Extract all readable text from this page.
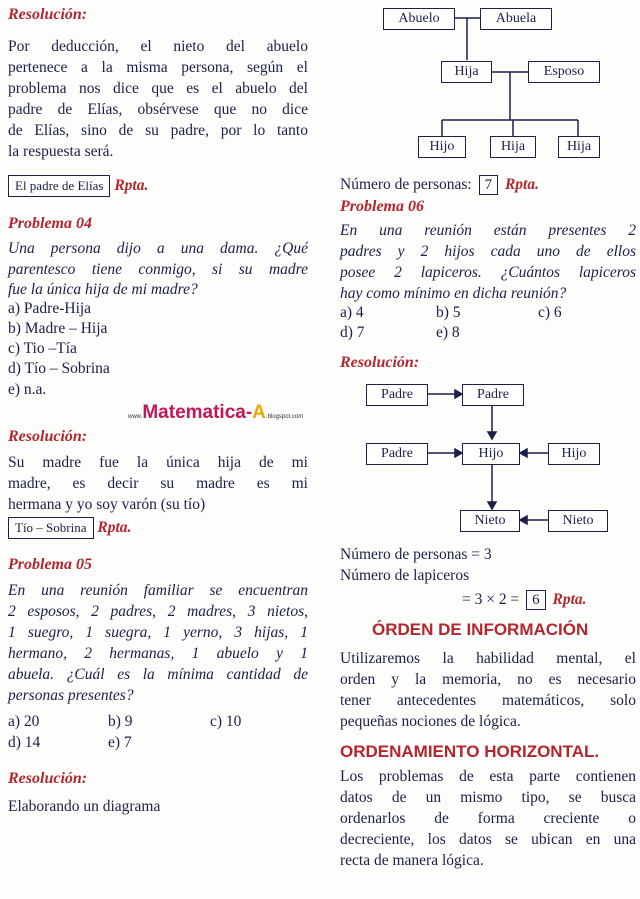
Resolución:
Por deducción, el nieto del abuelo
pertenece a la misma persona, según el
problema nos dice que es el abuelo del
padre de Elías, obsérvese que no dice
de Elías, sino de su padre, por lo tanto
la respuesta será.
El padre de Elías Rpta.
Problema 04
Una persona dijo a una dama. ¿Qué
parentesco tiene conmigo, si su madre
fue la única hija de mi madre?
a) Padre-Hija
b) Madre – Hija
c) Tio –Tía
d) Tío – Sobrina
e) n.a.
www.Matematica-A.blogspot.com
Resolución:
Su madre fue la única hija de mi
madre, es decir su madre es mi
hermana y yo soy varón (su tío)
Tío – Sobrina Rpta.
Problema 05
En una reunión familiar se encuentran
2 esposos, 2 padres, 2 madres, 3 nietos,
1 suegro, 1 suegra, 1 yerno, 3 hijas, 1
hermano, 2 hermanas, 1 abuelo y 1
abuela. ¿Cuál es la mínima cantidad de
personas presentes?
a) 20	b) 9	c) 10
d) 14	e) 7
Resolución:
Elaborando un diagrama
Abuelo	Abuela
Hija	Esposo
Hijo	Hija	Hija
Número de personas: 7 Rpta.
Problema 06
En una reunión están presentes 2
padres y 2 hijos cada uno de ellos
posee 2 lapiceros. ¿Cuántos lapiceros
hay como mínimo en dicha reunión?
a) 4	b) 5	c) 6
d) 7	e) 8
Resolución:
Padre	Padre
Padre	Hijo	Hijo
Nieto	Nieto
Número de personas = 3
Número de lapiceros
= 3 × 2 = 6 Rpta.
ÓRDEN DE INFORMACIÓN
Utilizaremos la habilidad mental, el
orden y la memoria, no es necesario
tener antecedentes matemáticos, solo
pequeñas nociones de lógica.
ORDENAMIENTO HORIZONTAL.
Los problemas de esta parte contienen
datos de un mismo tipo, se busca
ordenarlos de forma creciente o
decreciente, los datos se ubican en una
recta de manera lógica.
